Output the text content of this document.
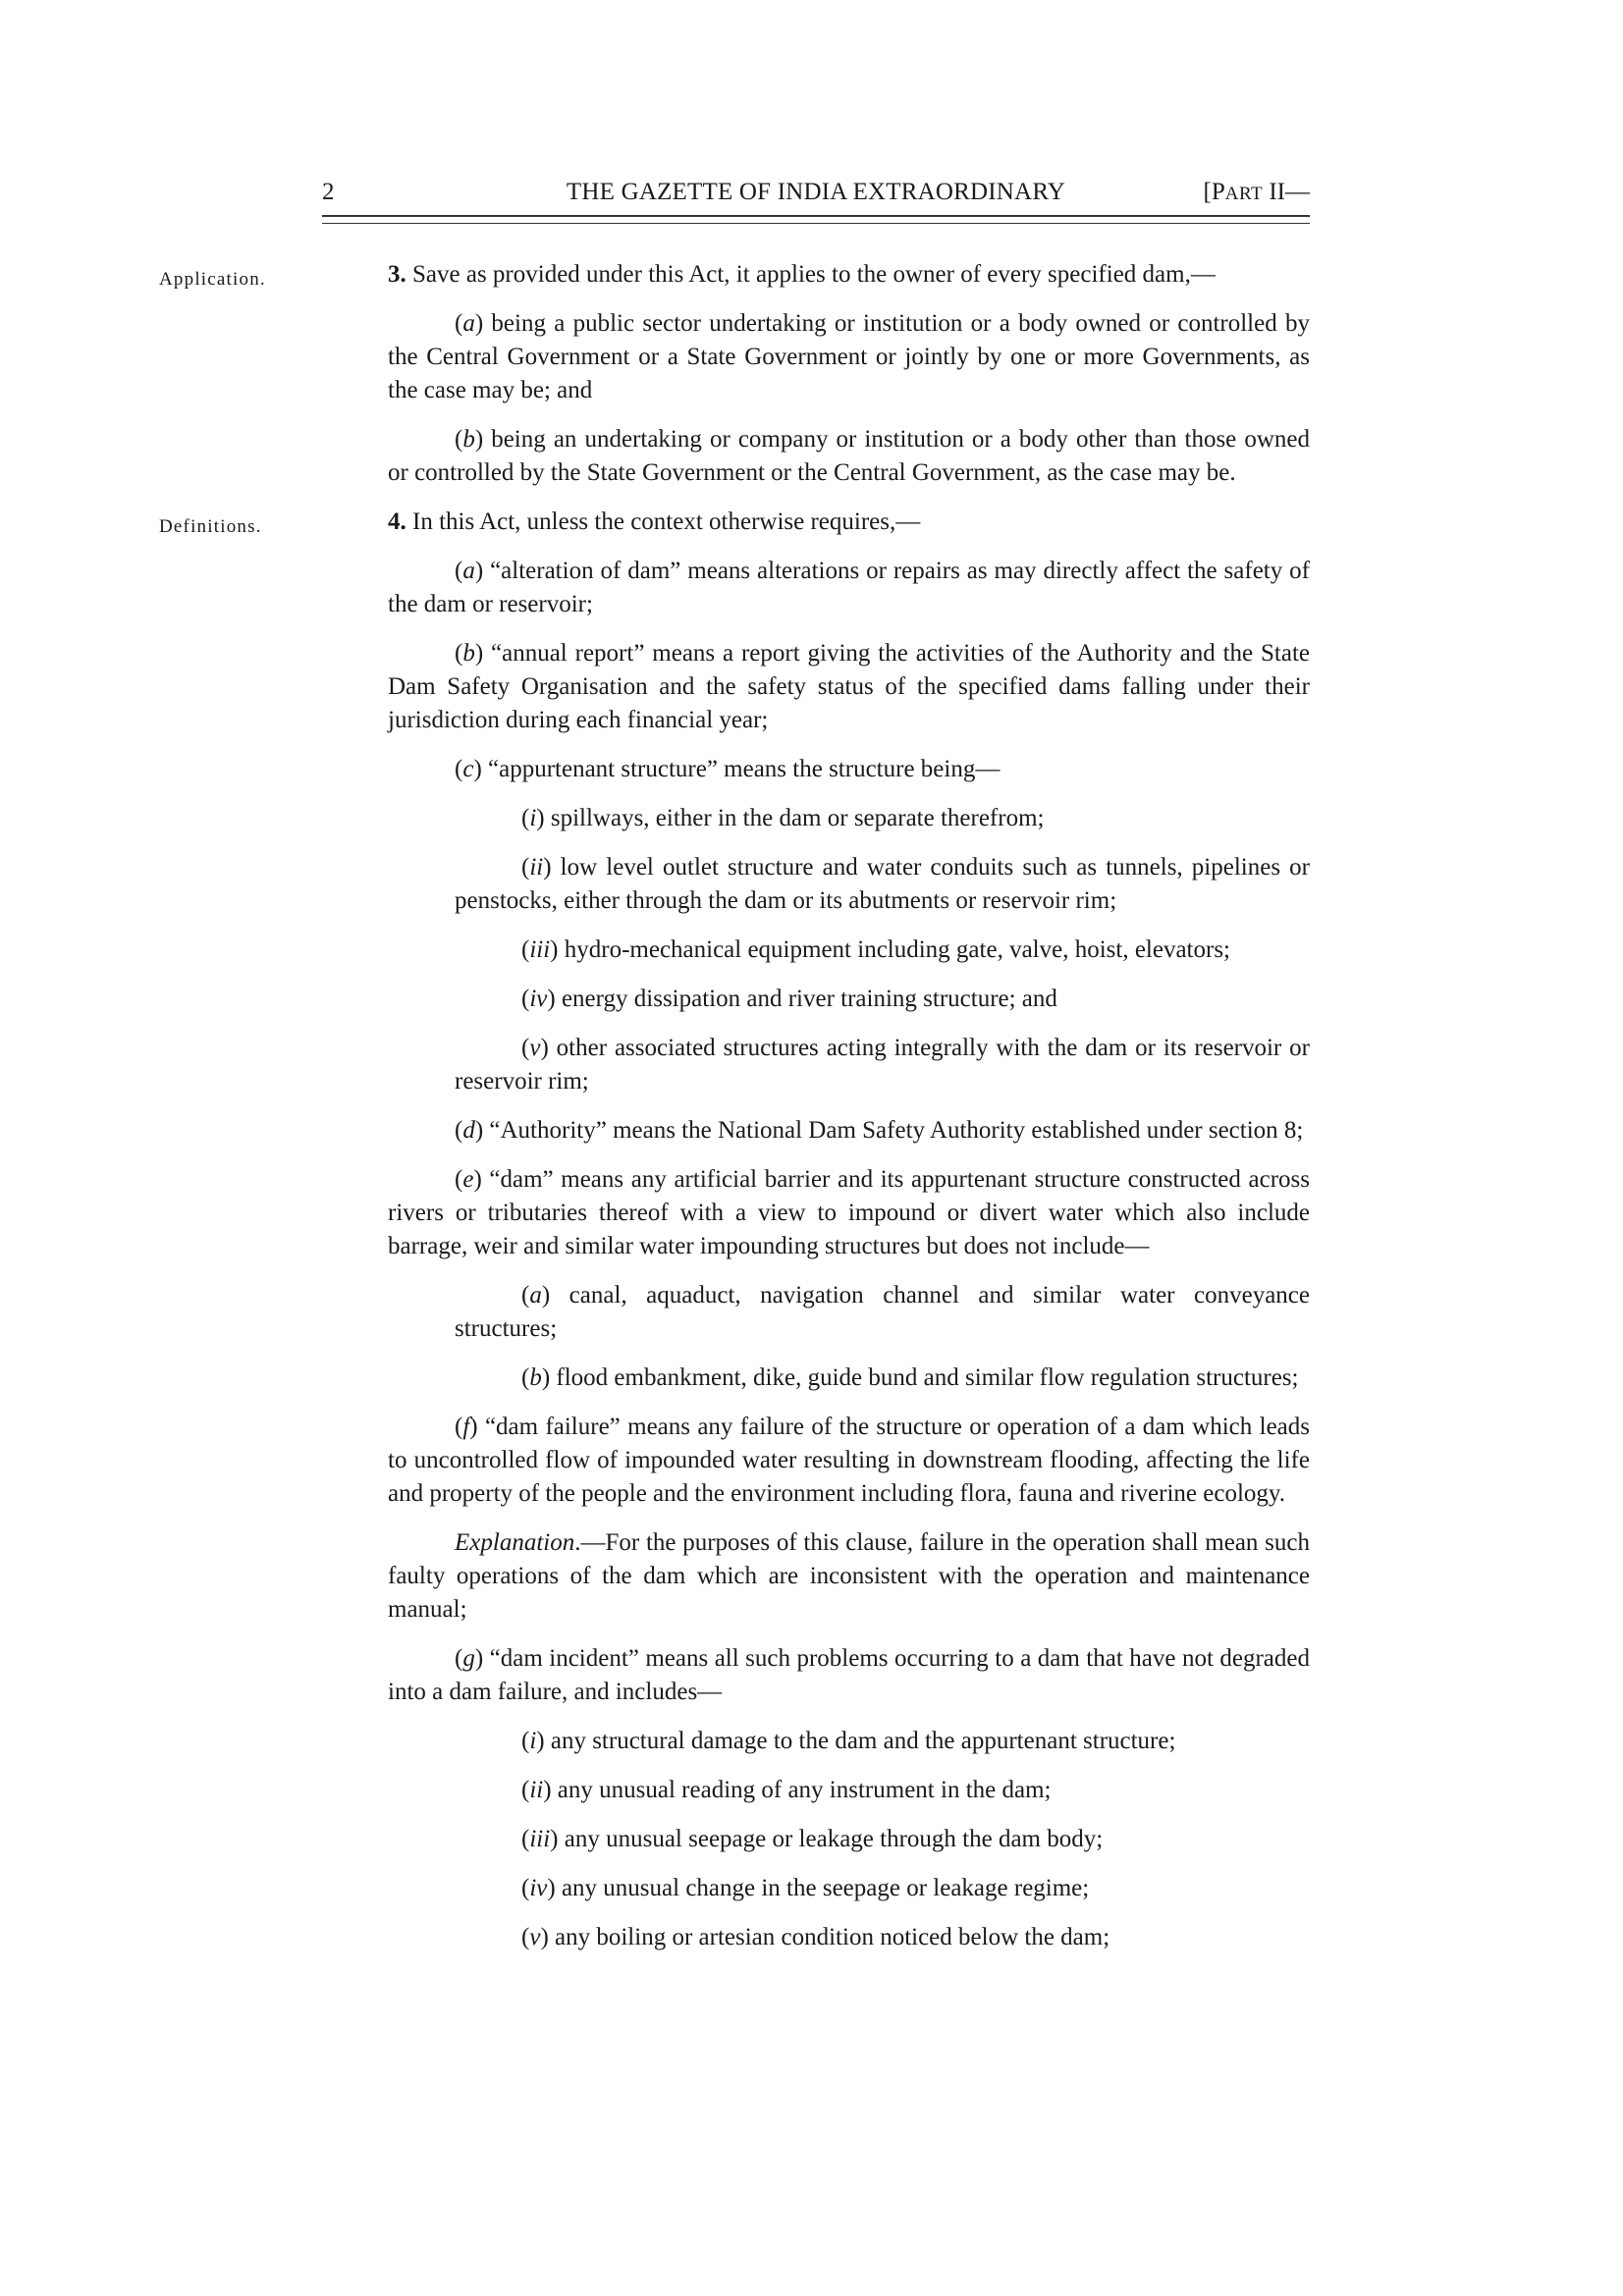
2	THE GAZETTE OF INDIA EXTRAORDINARY	[PART II—
Application.	3. Save as provided under this Act, it applies to the owner of every specified dam,—
(a) being a public sector undertaking or institution or a body owned or controlled by the Central Government or a State Government or jointly by one or more Governments, as the case may be; and
(b) being an undertaking or company or institution or a body other than those owned or controlled by the State Government or the Central Government, as the case may be.
Definitions.	4. In this Act, unless the context otherwise requires,—
(a) “alteration of dam” means alterations or repairs as may directly affect the safety of the dam or reservoir;
(b) “annual report” means a report giving the activities of the Authority and the State Dam Safety Organisation and the safety status of the specified dams falling under their jurisdiction during each financial year;
(c) “appurtenant structure” means the structure being—
(i) spillways, either in the dam or separate therefrom;
(ii) low level outlet structure and water conduits such as tunnels, pipelines or penstocks, either through the dam or its abutments or reservoir rim;
(iii) hydro-mechanical equipment including gate, valve, hoist, elevators;
(iv) energy dissipation and river training structure; and
(v) other associated structures acting integrally with the dam or its reservoir or reservoir rim;
(d) “Authority” means the National Dam Safety Authority established under section 8;
(e) “dam” means any artificial barrier and its appurtenant structure constructed across rivers or tributaries thereof with a view to impound or divert water which also include barrage, weir and similar water impounding structures but does not include—
(a) canal, aquaduct, navigation channel and similar water conveyance structures;
(b) flood embankment, dike, guide bund and similar flow regulation structures;
(f) “dam failure” means any failure of the structure or operation of a dam which leads to uncontrolled flow of impounded water resulting in downstream flooding, affecting the life and property of the people and the environment including flora, fauna and riverine ecology.
Explanation.—For the purposes of this clause, failure in the operation shall mean such faulty operations of the dam which are inconsistent with the operation and maintenance manual;
(g) “dam incident” means all such problems occurring to a dam that have not degraded into a dam failure, and includes—
(i) any structural damage to the dam and the appurtenant structure;
(ii) any unusual reading of any instrument in the dam;
(iii) any unusual seepage or leakage through the dam body;
(iv) any unusual change in the seepage or leakage regime;
(v) any boiling or artesian condition noticed below the dam;
